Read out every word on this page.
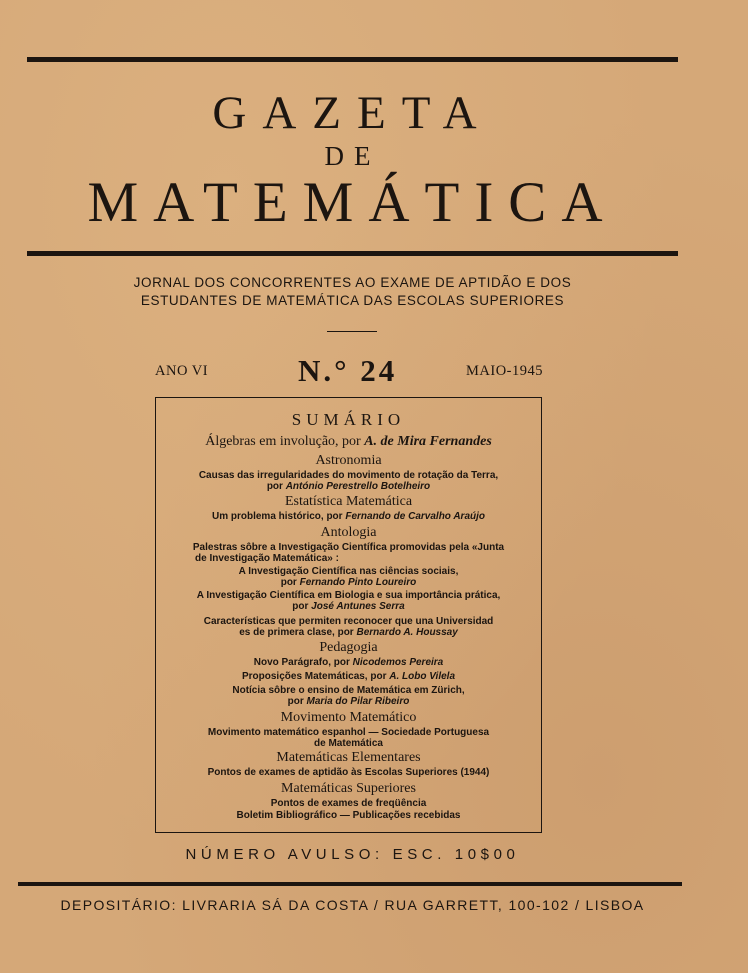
GAZETA
DE
MATEMÁTICA
JORNAL DOS CONCORRENTES AO EXAME DE APTIDÃO E DOS
ESTUDANTES DE MATEMÁTICA DAS ESCOLAS SUPERIORES
ANO VI	N.° 24	MAIO-1945
SUMÁRIO
Álgebras em involução, por A. de Mira Fernandes
Astronomia
Causas das irregularidades do movimento de rotação da Terra,
por António Perestrello Botelheiro
Estatística Matemática
Um problema histórico, por Fernando de Carvalho Araújo
Antologia
Palestras sôbre a Investigação Científica promovidas pela «Junta
de Investigação Matemática» :
A Investigação Científica nas ciências sociais,
por Fernando Pinto Loureiro
A Investigação Científica em Biologia e sua importância prática,
por José Antunes Serra
Características que permiten reconocer que una Universidad
es de primera clase, por Bernardo A. Houssay
Pedagogia
Novo Parágrafo, por Nicodemos Pereira
Proposições Matemáticas, por A. Lobo Vilela
Notícia sôbre o ensino de Matemática em Zürich,
por Maria do Pilar Ribeiro
Movimento Matemático
Movimento matemático espanhol — Sociedade Portuguesa
de Matemática
Matemáticas Elementares
Pontos de exames de aptidão às Escolas Superiores (1944)
Matemáticas Superiores
Pontos de exames de freqüência
Boletim Bibliográfico — Publicações recebidas
NÚMERO AVULSO: ESC. 10$00
DEPOSITÁRIO: LIVRARIA SÁ DA COSTA / RUA GARRETT, 100-102 / LISBOA
